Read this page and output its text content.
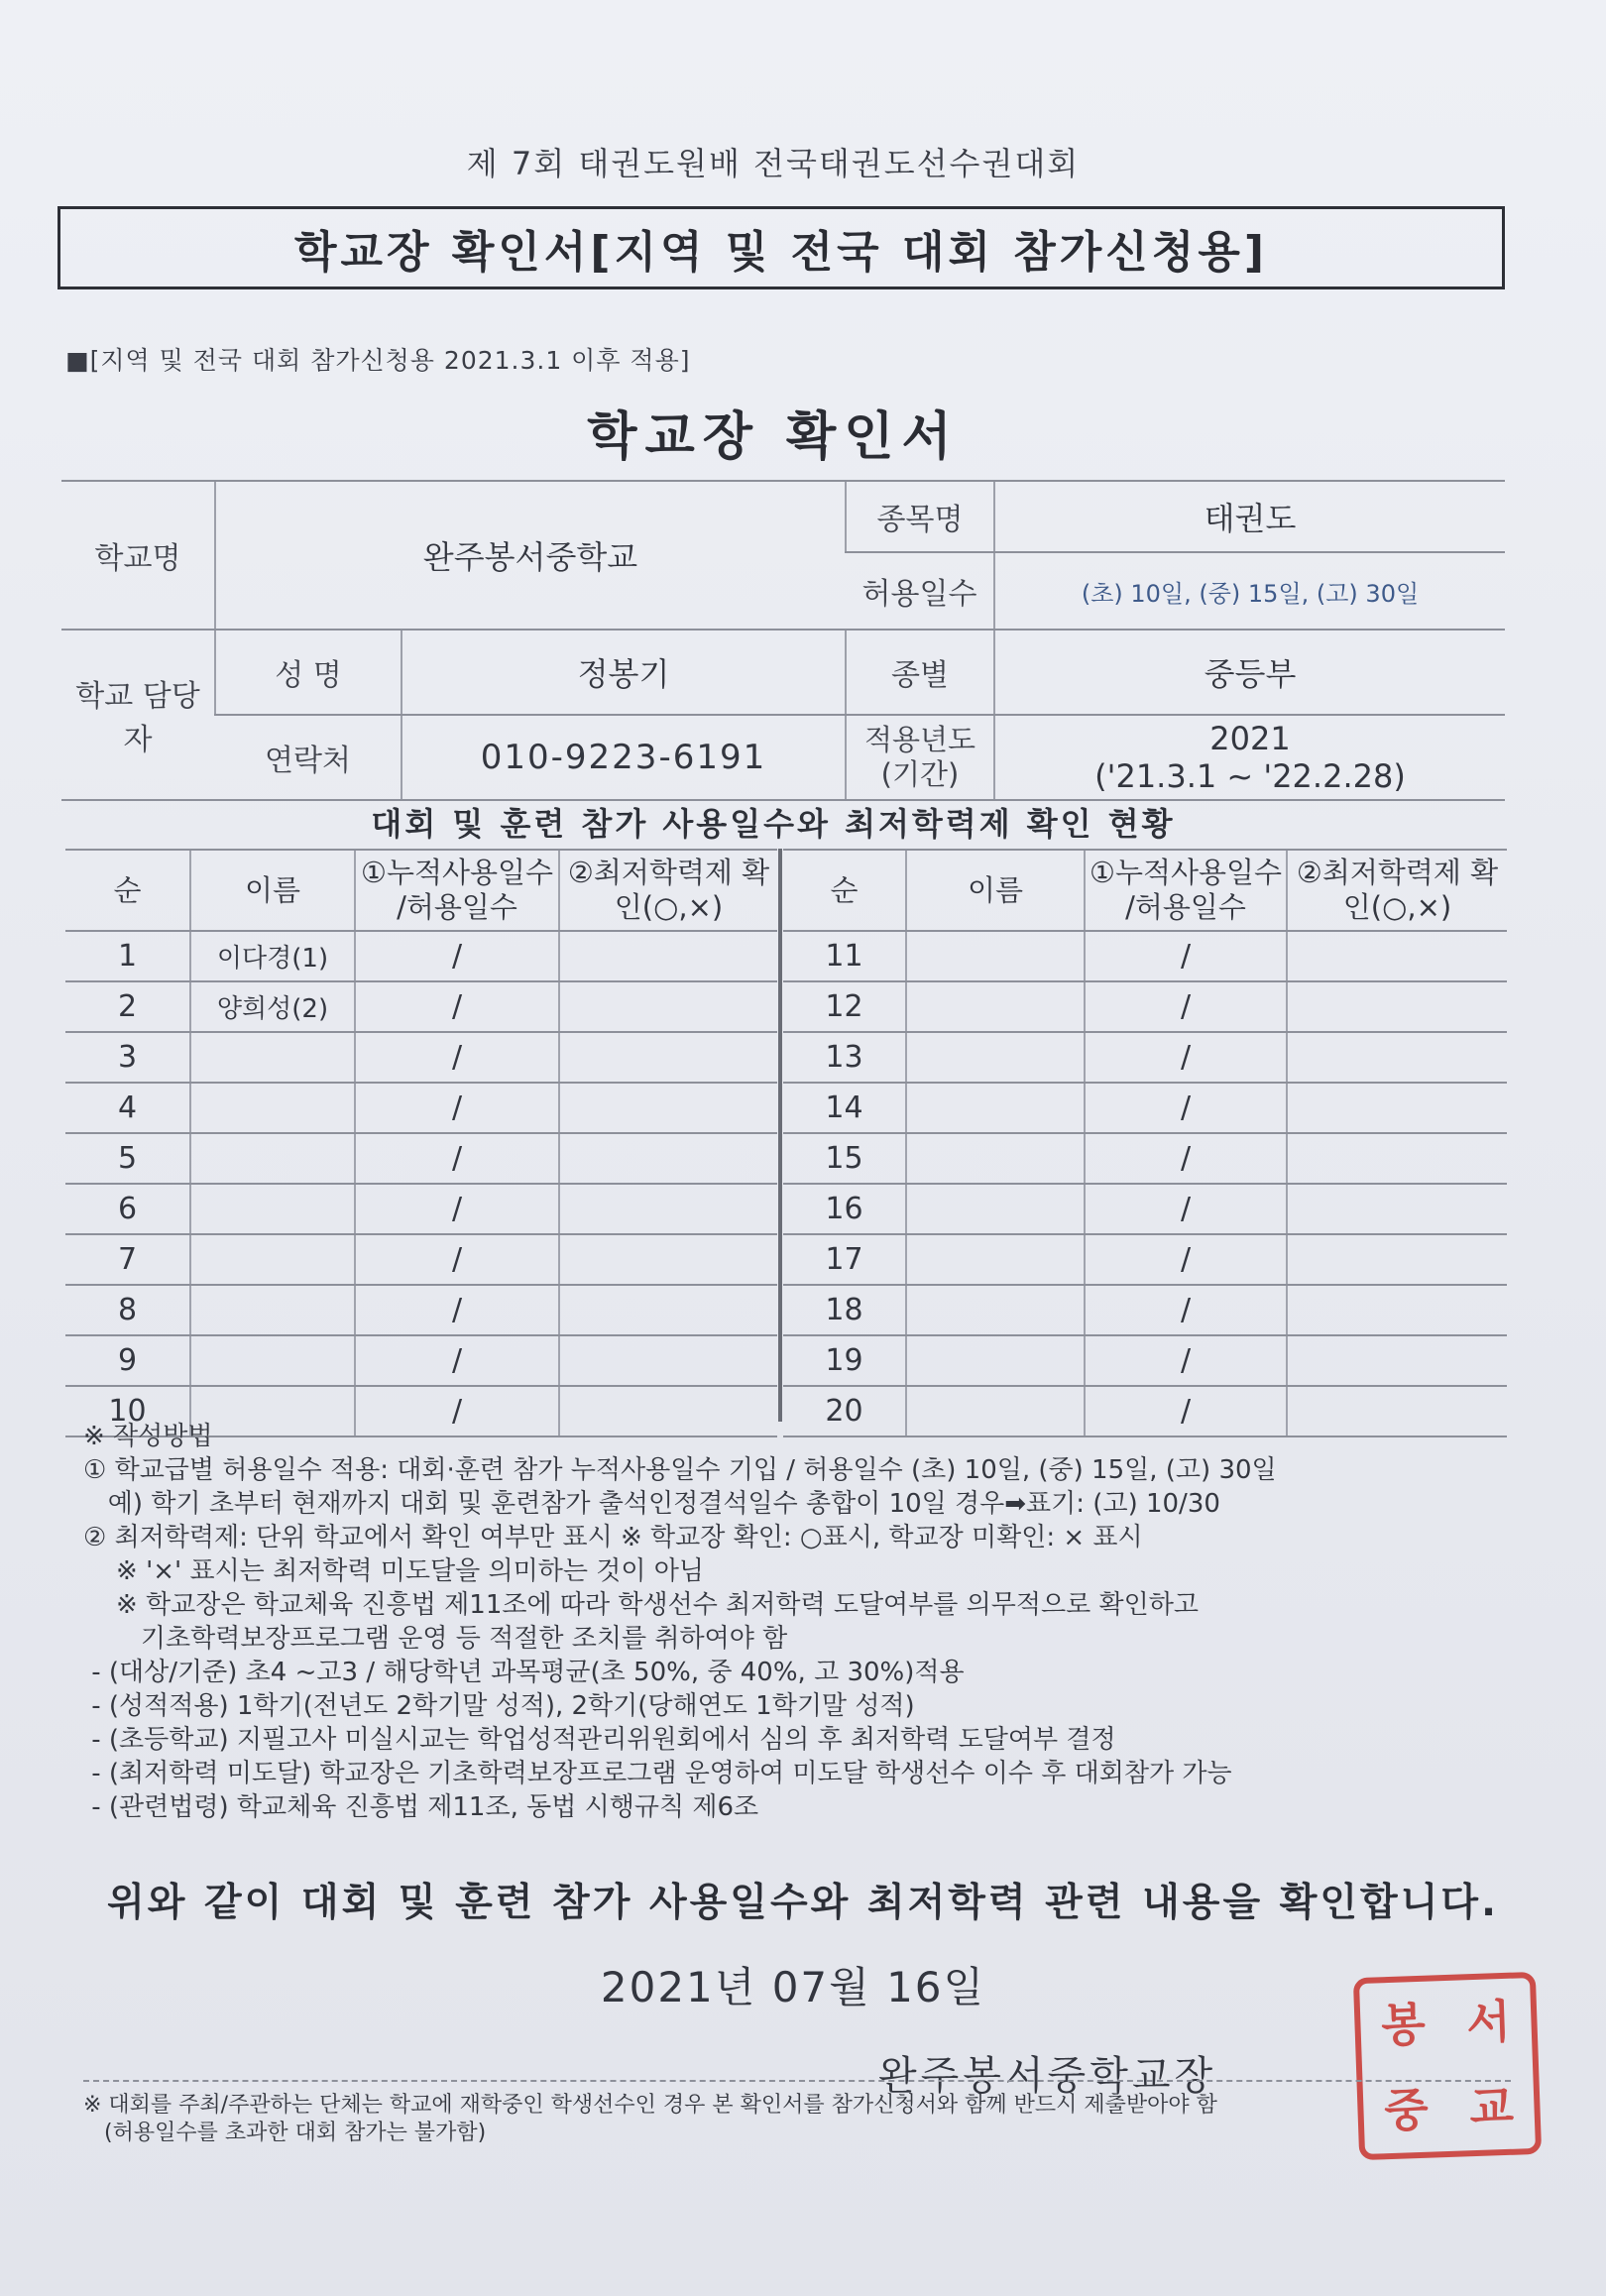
제 7회 태권도원배 전국태권도선수권대회
학교장 확인서[지역 및 전국 대회 참가신청용]
■[지역 및 전국 대회 참가신청용 2021.3.1 이후 적용]
학교장 확인서
학교명	완주봉서중학교		종목명	태권도
			허용일수	(초) 10일, (중) 15일, (고) 30일
학교 담당자	성 명	정봉기	종별	중등부
	연락처	010-9223-6191	적용년도 (기간)	2021
('21.3.1 ~ '22.2.28)
대회 및 훈련 참가 사용일수와 최저학력제 확인 현황
순	이름	①누적사용일수 /허용일수	②최저학력제 확인(○,×)
1	이다경(1)	/	
2	양희성(2)	/	
3		/	
4		/	
5		/	
6		/	
7		/	
8		/	
9		/	
10		/	
순	이름	①누적사용일수 /허용일수	②최저학력제 확인(○,×)
11		/	
12		/	
13		/	
14		/	
15		/	
16		/	
17		/	
18		/	
19		/	
20		/	
※ 작성방법
① 학교급별 허용일수 적용: 대회·훈련 참가 누적사용일수 기입 / 허용일수 (초) 10일, (중) 15일, (고) 30일
예) 학기 초부터 현재까지 대회 및 훈련참가 출석인정결석일수 총합이 10일 경우➡표기: (고) 10/30
② 최저학력제: 단위 학교에서 확인 여부만 표시 ※ 학교장 확인: ○표시, 학교장 미확인: × 표시
※ '×' 표시는 최저학력 미도달을 의미하는 것이 아님
※ 학교장은 학교체육 진흥법 제11조에 따라 학생선수 최저학력 도달여부를 의무적으로 확인하고
기초학력보장프로그램 운영 등 적절한 조치를 취하여야 함
- (대상/기준) 초4 ~고3 / 해당학년 과목평균(초 50%, 중 40%, 고 30%)적용
- (성적적용) 1학기(전년도 2학기말 성적), 2학기(당해연도 1학기말 성적)
- (초등학교) 지필고사 미실시교는 학업성적관리위원회에서 심의 후 최저학력 도달여부 결정
- (최저학력 미도달) 학교장은 기초학력보장프로그램 운영하여 미도달 학생선수 이수 후 대회참가 가능
- (관련법령) 학교체육 진흥법 제11조, 동법 시행규칙 제6조
위와 같이 대회 및 훈련 참가 사용일수와 최저학력 관련 내용을 확인합니다.
2021년 07월 16일
완주봉서중학교장
봉 서
중 교
※ 대회를 주최/주관하는 단체는 학교에 재학중인 학생선수인 경우 본 확인서를 참가신청서와 함께 반드시 제출받아야 함
(허용일수를 초과한 대회 참가는 불가함)
